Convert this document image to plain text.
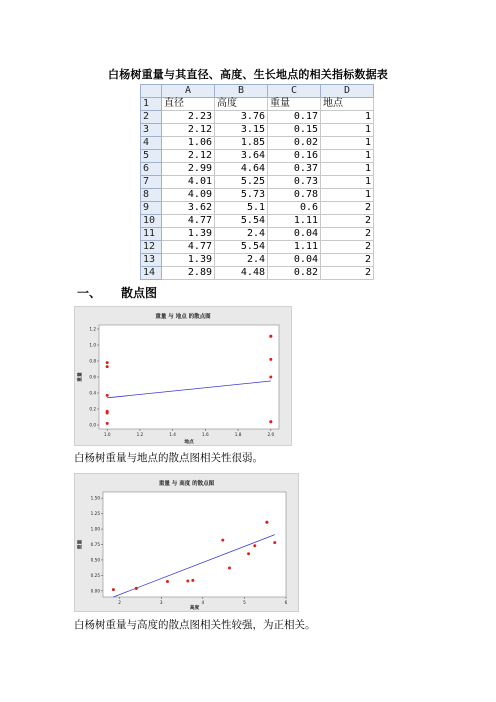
白杨树重量与其直径、高度、生长地点的相关指标数据表
	A	B	C	D
1	直径	高度	重量	地点
2	2.23	3.76	0.17	1
3	2.12	3.15	0.15	1
4	1.06	1.85	0.02	1
5	2.12	3.64	0.16	1
6	2.99	4.64	0.37	1
7	4.01	5.25	0.73	1
8	4.09	5.73	0.78	1
9	3.62	5.1	0.6	2
10	4.77	5.54	1.11	2
11	1.39	2.4	0.04	2
12	4.77	5.54	1.11	2
13	1.39	2.4	0.04	2
14	2.89	4.48	0.82	2
一、 散点图
重量 与 地点 的散点图
1.0	1.2	1.4	1.6	1.8	2.0
0.0
0.2
0.4
0.6
0.8
1.0
1.2
地点
重量
白杨树重量与地点的散点图相关性很弱。
重量 与 高度 的散点图
2	3	4	5	6
0.00
0.25
0.50
0.75
1.00
1.25
1.50
高度
重量
白杨树重量与高度的散点图相关性较强，为正相关。
